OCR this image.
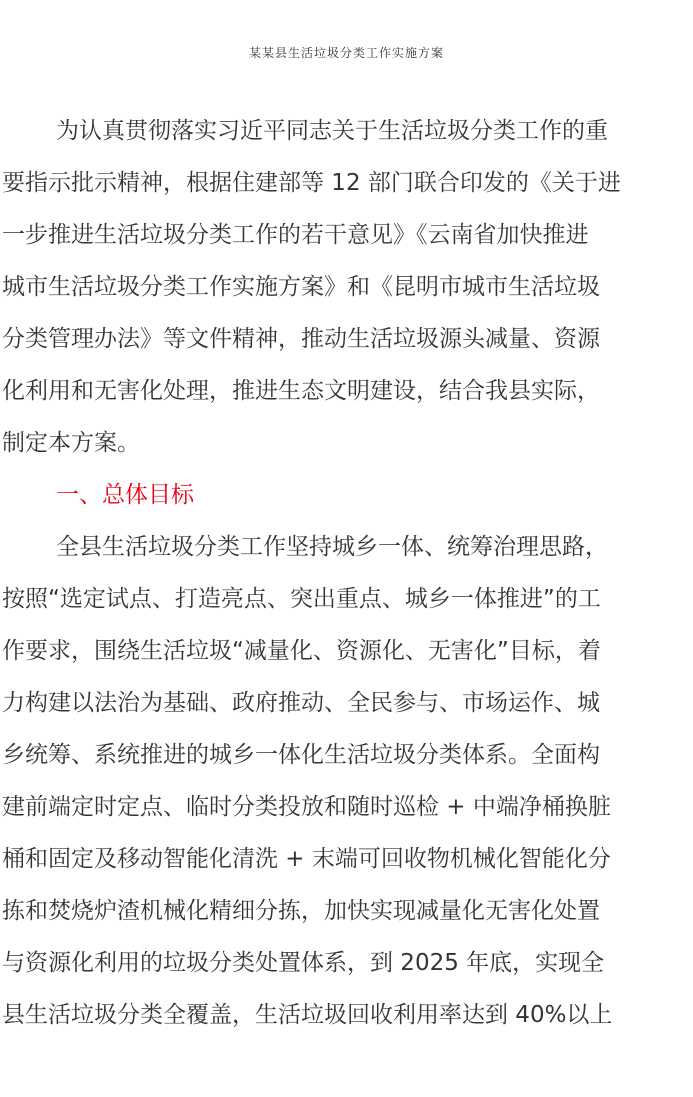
某某县生活垃圾分类工作实施方案
为认真贯彻落实习近平同志关于生活垃圾分类工作的重
要指示批示精神，根据住建部等 12 部门联合印发的《关于进
一步推进生活垃圾分类工作的若干意见》《云南省加快推进
城市生活垃圾分类工作实施方案》和《昆明市城市生活垃圾
分类管理办法》等文件精神，推动生活垃圾源头减量、资源
化利用和无害化处理，推进生态文明建设，结合我县实际，
制定本方案。
一、总体目标
全县生活垃圾分类工作坚持城乡一体、统筹治理思路，
按照“选定试点、打造亮点、突出重点、城乡一体推进”的工
作要求，围绕生活垃圾“减量化、资源化、无害化”目标，着
力构建以法治为基础、政府推动、全民参与、市场运作、城
乡统筹、系统推进的城乡一体化生活垃圾分类体系。全面构
建前端定时定点、临时分类投放和随时巡检 + 中端净桶换脏
桶和固定及移动智能化清洗 + 末端可回收物机械化智能化分
拣和焚烧炉渣机械化精细分拣，加快实现减量化无害化处置
与资源化利用的垃圾分类处置体系，到 2025 年底，实现全
县生活垃圾分类全覆盖，生活垃圾回收利用率达到 40%以上
